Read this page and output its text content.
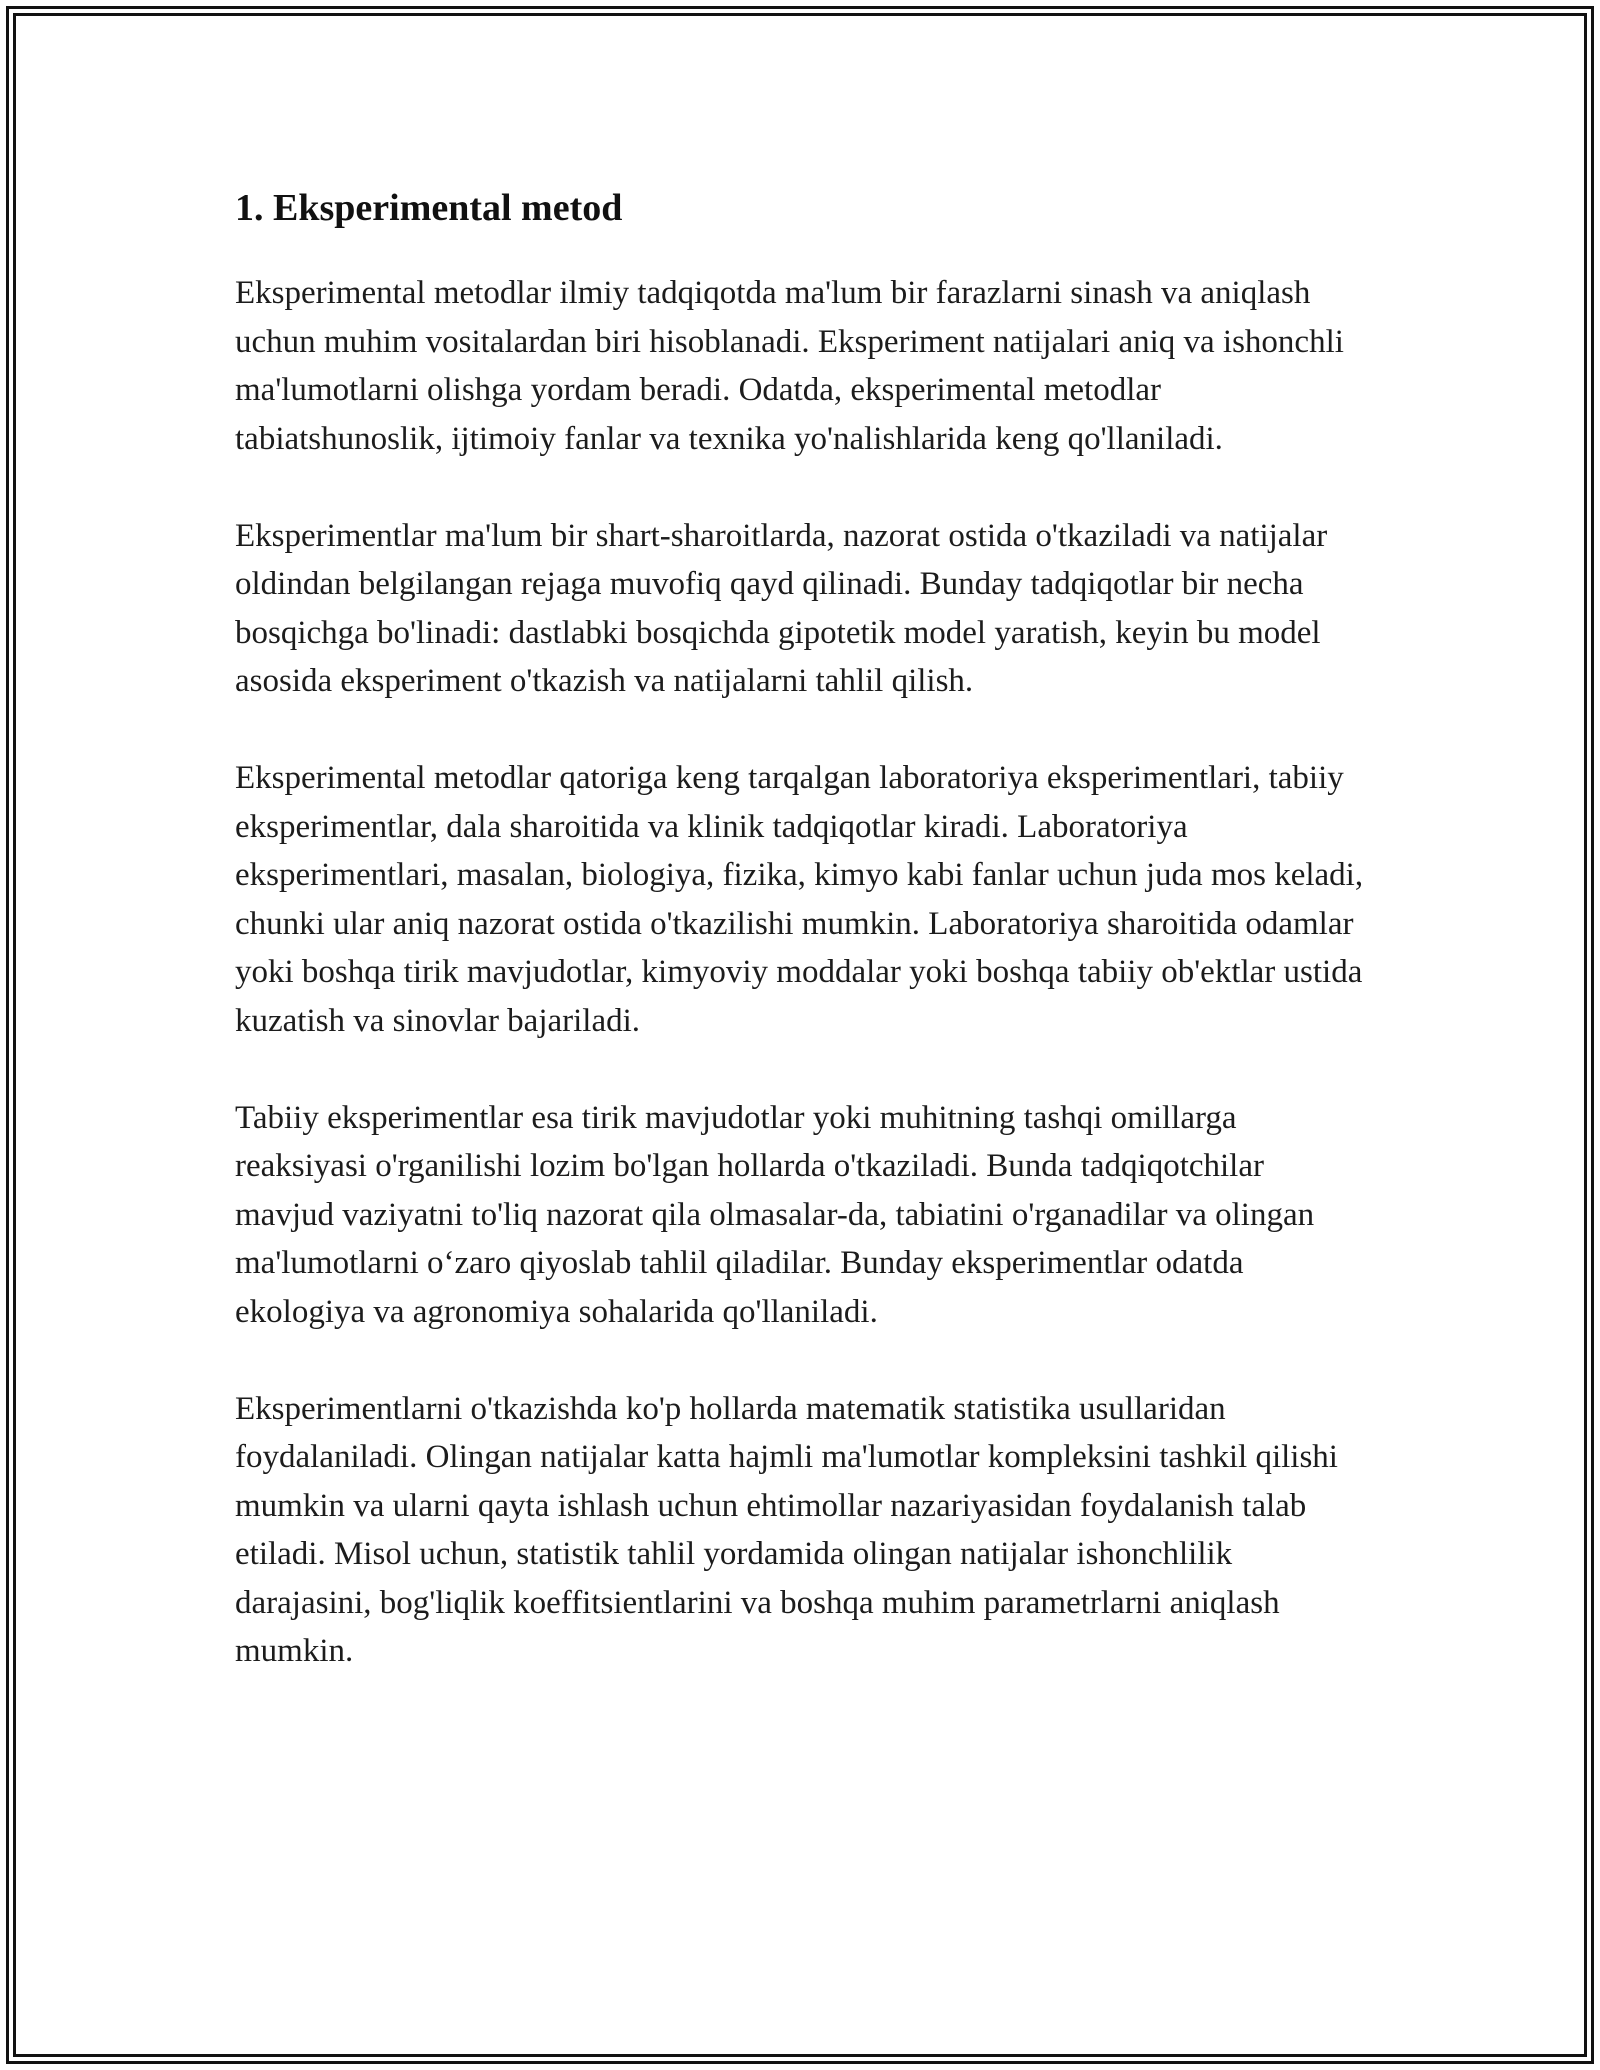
1. Eksperimental metod

Eksperimental metodlar ilmiy tadqiqotda ma'lum bir farazlarni sinash va aniqlash uchun muhim vositalardan biri hisoblanadi. Eksperiment natijalari aniq va ishonchli ma'lumotlarni olishga yordam beradi. Odatda, eksperimental metodlar tabiatshunoslik, ijtimoiy fanlar va texnika yo'nalishlarida keng qo'llaniladi.

Eksperimentlar ma'lum bir shart-sharoitlarda, nazorat ostida o'tkaziladi va natijalar oldindan belgilangan rejaga muvofiq qayd qilinadi. Bunday tadqiqotlar bir necha bosqichga bo'linadi: dastlabki bosqichda gipotetik model yaratish, keyin bu model asosida eksperiment o'tkazish va natijalarni tahlil qilish.

Eksperimental metodlar qatoriga keng tarqalgan laboratoriya eksperimentlari, tabiiy eksperimentlar, dala sharoitida va klinik tadqiqotlar kiradi. Laboratoriya eksperimentlari, masalan, biologiya, fizika, kimyo kabi fanlar uchun juda mos keladi, chunki ular aniq nazorat ostida o'tkazilishi mumkin. Laboratoriya sharoitida odamlar yoki boshqa tirik mavjudotlar, kimyoviy moddalar yoki boshqa tabiiy ob'ektlar ustida kuzatish va sinovlar bajariladi.

Tabiiy eksperimentlar esa tirik mavjudotlar yoki muhitning tashqi omillarga reaksiyasi o'rganilishi lozim bo'lgan hollarda o'tkaziladi. Bunda tadqiqotchilar mavjud vaziyatni to'liq nazorat qila olmasalar-da, tabiatini o'rganadilar va olingan ma'lumotlarni o‘zaro qiyoslab tahlil qiladilar. Bunday eksperimentlar odatda ekologiya va agronomiya sohalarida qo'llaniladi.

Eksperimentlarni o'tkazishda ko'p hollarda matematik statistika usullaridan foydalaniladi. Olingan natijalar katta hajmli ma'lumotlar kompleksini tashkil qilishi mumkin va ularni qayta ishlash uchun ehtimollar nazariyasidan foydalanish talab etiladi. Misol uchun, statistik tahlil yordamida olingan natijalar ishonchlilik darajasini, bog'liqlik koeffitsientlarini va boshqa muhim parametrlarni aniqlash mumkin.
